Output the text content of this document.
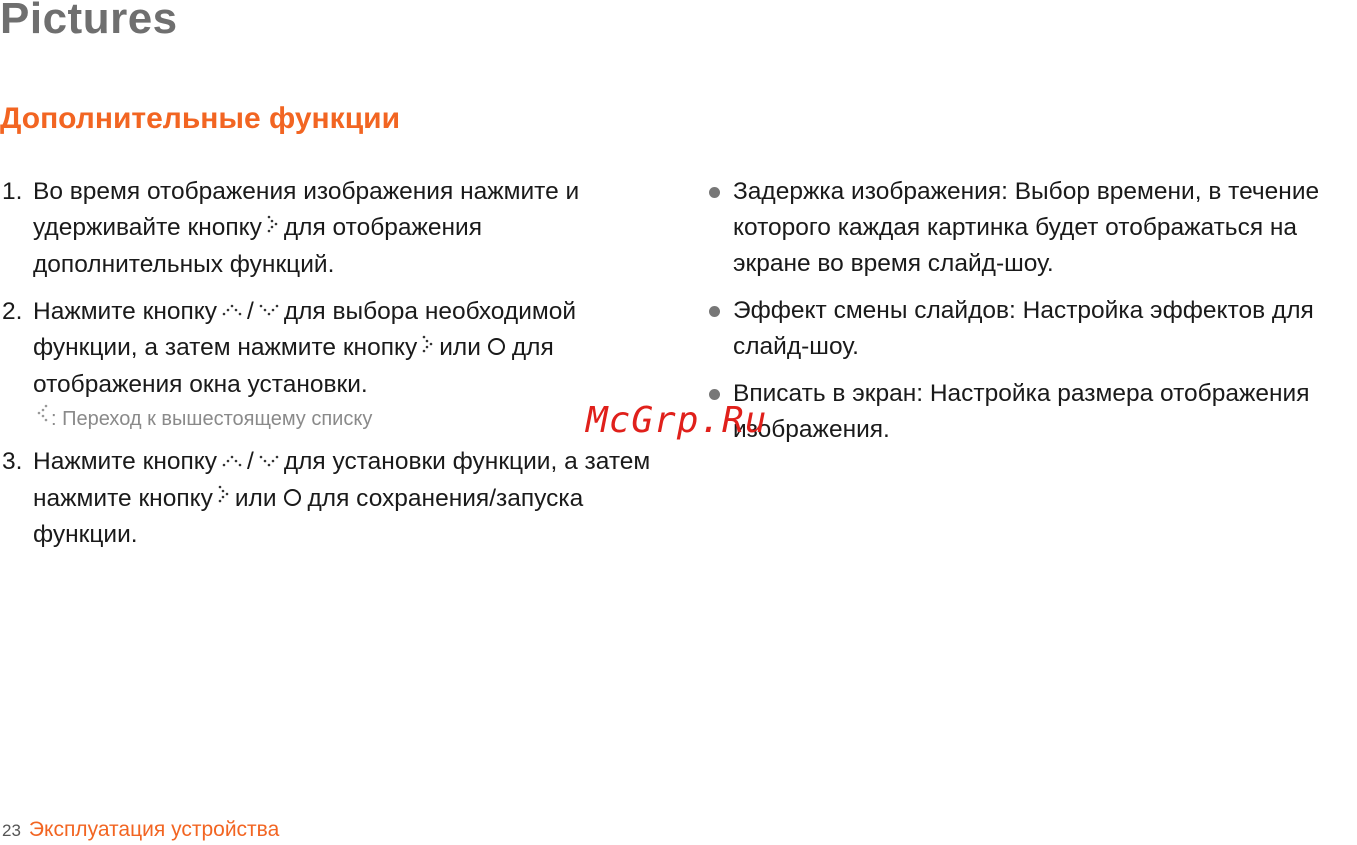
Pictures
Дополнительные функции
1. Во время отображения изображения нажмите и удерживайте кнопку для отображения дополнительных функций.
2. Нажмите кнопку / для выбора необходимой функции, а затем нажмите кнопку или для отображения окна установки.
: Переход к вышестоящему списку
3. Нажмите кнопку / для установки функции, а затем нажмите кнопку или для сохранения/запуска функции.
Задержка изображения: Выбор времени, в течение которого каждая картинка будет отображаться на экране во время слайд-шоу.
Эффект смены слайдов: Настройка эффектов для слайд-шоу.
Вписать в экран: Настройка размера отображения изображения.
McGrp.Ru
23 Эксплуатация устройства
